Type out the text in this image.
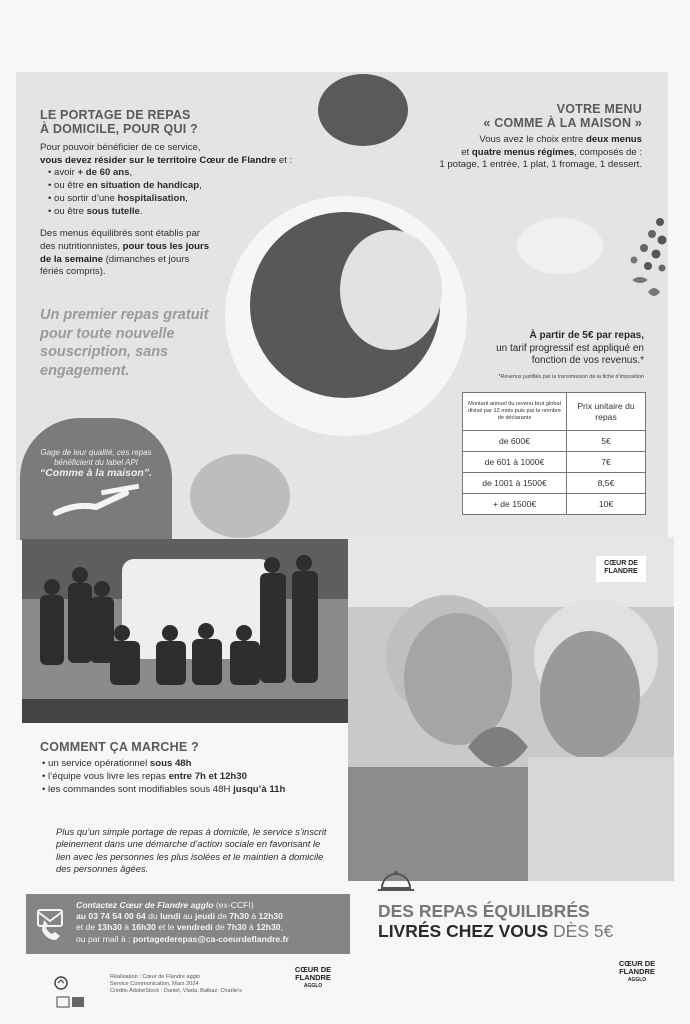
LE PORTAGE DE REPAS
À DOMICILE, POUR QUI ?
Pour pouvoir bénéficier de ce service,
vous devez résider sur le territoire Cœur de Flandre et :
• avoir + de 60 ans,
• ou être en situation de handicap,
• ou sortir d’une hospitalisation,
• ou être sous tutelle.
Des menus équilibrés sont établis par des nutritionnistes, pour tous les jours de la semaine (dimanches et jours fériés compris).
Un premier repas gratuit pour toute nouvelle souscription, sans engagement.
VOTRE MENU
« COMME À LA MAISON »
Vous avez le choix entre deux menus
et quatre menus régimes, composés de :
1 potage, 1 entrée, 1 plat, 1 fromage, 1 dessert.
À partir de 5€ par repas,
un tarif progressif est appliqué en fonction de vos revenus.*
*Revenus justifiés par la transmission de la fiche d’imposition
Montant annuel du revenu brut global divisé par 12 mois puis par le nombre de déclarants	Prix unitaire du repas
de 600€	5€
de 601 à 1000€	7€
de 1001 à 1500€	8,5€
+ de 1500€	10€
Gage de leur qualité, ces repas bénéficient du label API
“Comme à la maison”.
CŒUR DE
FLANDRE
COMMENT ÇA MARCHE ?
• un service opérationnel sous 48h
• l’équipe vous livre les repas entre 7h et 12h30
• les commandes sont modifiables sous 48H jusqu’à 11h
Plus qu’un simple portage de repas à domicile, le service s’inscrit pleinement dans une démarche d’action sociale en favorisant le lien avec les personnes les plus isolées et le maintien à domicile des personnes âgées.
Contactez Cœur de Flandre agglo (ex-CCFI)
au 03 74 54 00 64 du lundi au jeudi de 7h30 à 12h30
et de 13h30 à 16h30 et le vendredi de 7h30 à 12h30,
ou par mail à : portagederepas@ca-coeurdeflandre.fr
DES REPAS ÉQUILIBRÉS
LIVRÉS CHEZ VOUS DÈS 5€

Réalisation : Cœur de Flandre agglo
Service Communication, Mars 2024
Crédits AdobeStock : Daniel, Vlada, Balbaz, Charlie's
CŒUR DE
FLANDRE
AGGLO
CŒUR DE
FLANDRE
AGGLO
